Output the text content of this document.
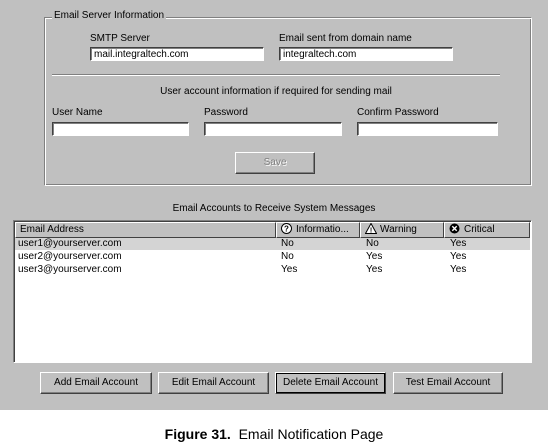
Email Server Information
SMTP Server
mail.integraltech.com	Email sent from domain name
integraltech.com
User account information if required for sending mail
User Name	Password	Confirm Password
Save
Email Accounts to Receive System Messages
Email Address	? Informatio...	! Warning	Critical
user1@yourserver.com	No	No	Yes
user2@yourserver.com	No	Yes	Yes
user3@yourserver.com	Yes	Yes	Yes
Add Email Account	Edit Email Account	Delete Email Account	Test Email Account
Figure 31. Email Notification Page
